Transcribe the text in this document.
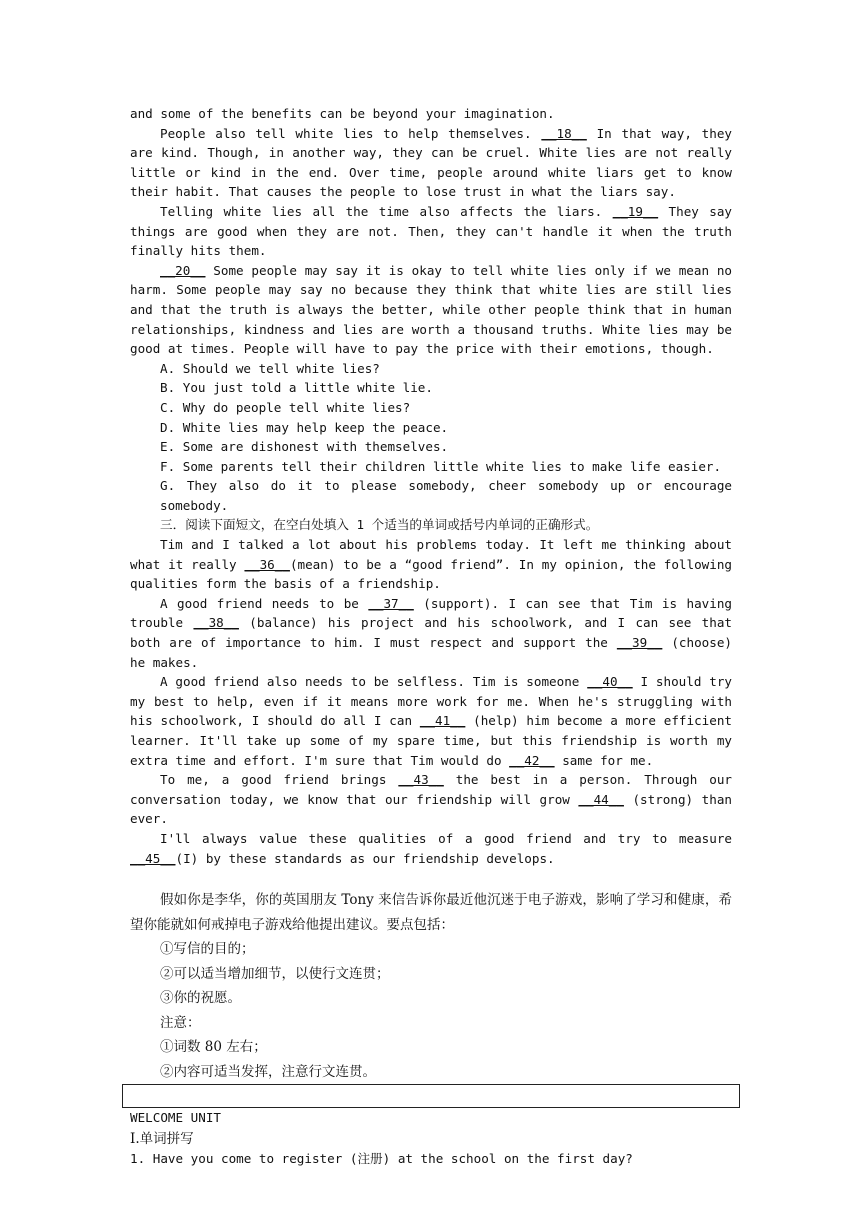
and some of the benefits can be beyond your imagination.

People also tell white lies to help themselves. __18__ In that way, they are kind. Though, in another way, they can be cruel. White lies are not really little or kind in the end. Over time, people around white liars get to know their habit. That causes the people to lose trust in what the liars say.

Telling white lies all the time also affects the liars. __19__ They say things are good when they are not. Then, they can't handle it when the truth finally hits them.

__20__ Some people may say it is okay to tell white lies only if we mean no harm. Some people may say no because they think that white lies are still lies and that the truth is always the better, while other people think that in human relationships, kindness and lies are worth a thousand truths. White lies may be good at times. People will have to pay the price with their emotions, though.

A. Should we tell white lies?

B. You just told a little white lie.

C. Why do people tell white lies?

D. White lies may help keep the peace.

E. Some are dishonest with themselves.

F. Some parents tell their children little white lies to make life easier.

G. They also do it to please somebody, cheer somebody up or encourage somebody.

三．阅读下面短文，在空白处填入 1 个适当的单词或括号内单词的正确形式。

Tim and I talked a lot about his problems today. It left me thinking about what it really __36__(mean) to be a “good friend”. In my opinion, the following qualities form the basis of a friendship.

A good friend needs to be __37__ (support). I can see that Tim is having trouble __38__ (balance) his project and his schoolwork, and I can see that both are of importance to him. I must respect and support the __39__ (choose) he makes.

A good friend also needs to be selfless. Tim is someone __40__ I should try my best to help, even if it means more work for me. When he's struggling with his schoolwork, I should do all I can __41__ (help) him become a more efficient learner. It'll take up some of my spare time, but this friendship is worth my extra time and effort. I'm sure that Tim would do __42__ same for me.

To me, a good friend brings __43__ the best in a person. Through our conversation today, we know that our friendship will grow __44__ (strong) than ever.

I'll always value these qualities of a good friend and try to measure __45__(I) by these standards as our friendship develops.

假如你是李华，你的英国朋友 Tony 来信告诉你最近他沉迷于电子游戏，影响了学习和健康，希望你能就如何戒掉电子游戏给他提出建议。要点包括：

①写信的目的；

②可以适当增加细节，以使行文连贯；

③你的祝愿。

注意：

①词数 80 左右；

②内容可适当发挥，注意行文连贯。

WELCOME UNIT

Ⅰ.单词拼写

1. Have you come to register (注册) at the school on the first day?
